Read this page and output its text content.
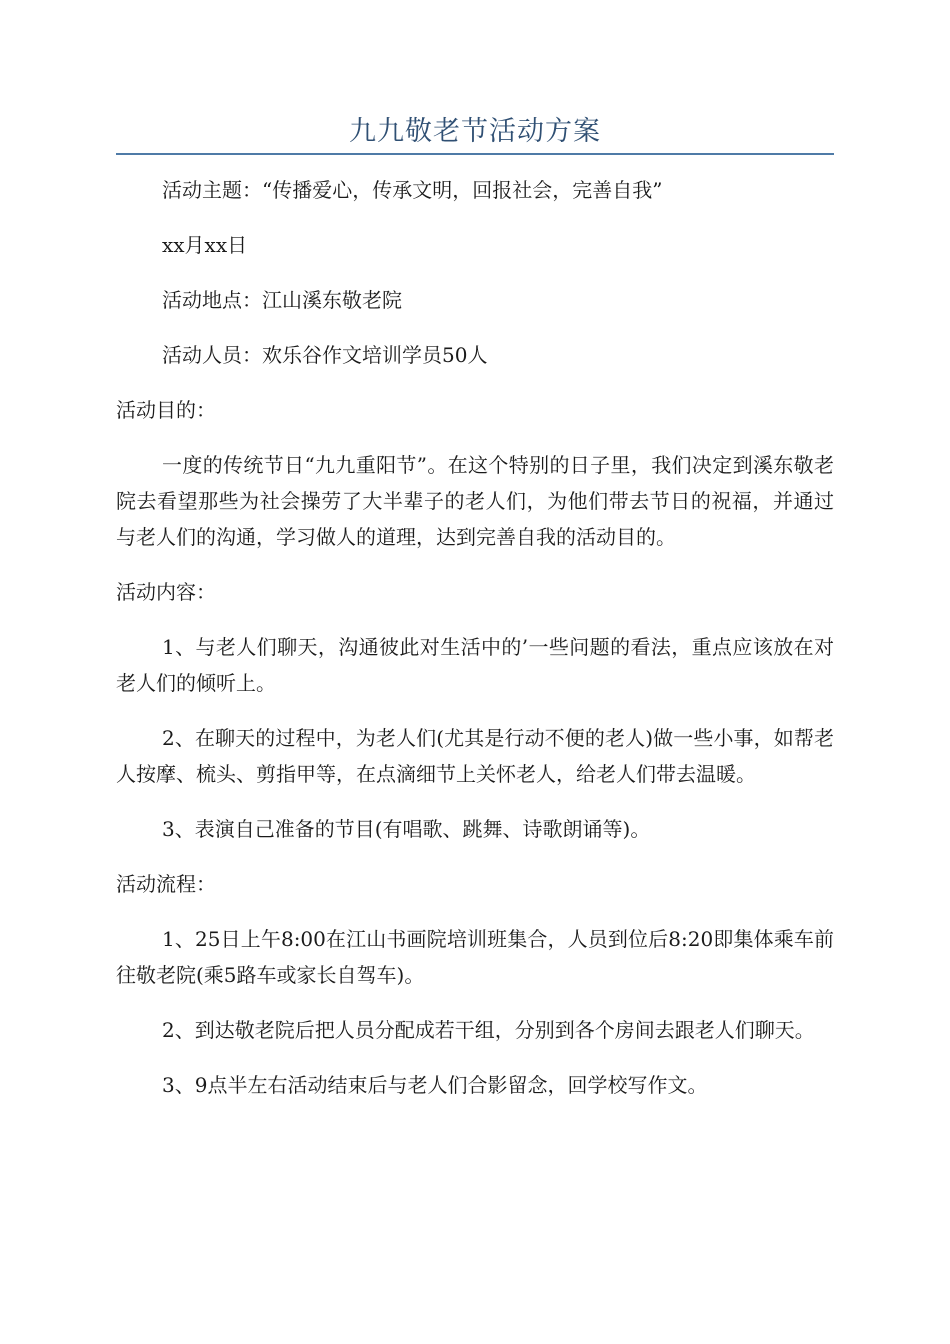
九九敬老节活动方案

活动主题：“传播爱心，传承文明，回报社会，完善自我”

xx月xx日

活动地点：江山溪东敬老院

活动人员：欢乐谷作文培训学员50人

活动目的：

一度的传统节日“九九重阳节”。在这个特别的日子里，我们决定到溪东敬老院去看望那些为社会操劳了大半辈子的老人们，为他们带去节日的祝福，并通过与老人们的沟通，学习做人的道理，达到完善自我的活动目的。

活动内容：

1、与老人们聊天，沟通彼此对生活中的’一些问题的看法，重点应该放在对老人们的倾听上。

2、在聊天的过程中，为老人们(尤其是行动不便的老人)做一些小事，如帮老人按摩、梳头、剪指甲等，在点滴细节上关怀老人，给老人们带去温暖。

3、表演自己准备的节目(有唱歌、跳舞、诗歌朗诵等)。

活动流程：

1、25日上午8:00在江山书画院培训班集合，人员到位后8:20即集体乘车前往敬老院(乘5路车或家长自驾车)。

2、到达敬老院后把人员分配成若干组，分别到各个房间去跟老人们聊天。

3、9点半左右活动结束后与老人们合影留念，回学校写作文。
